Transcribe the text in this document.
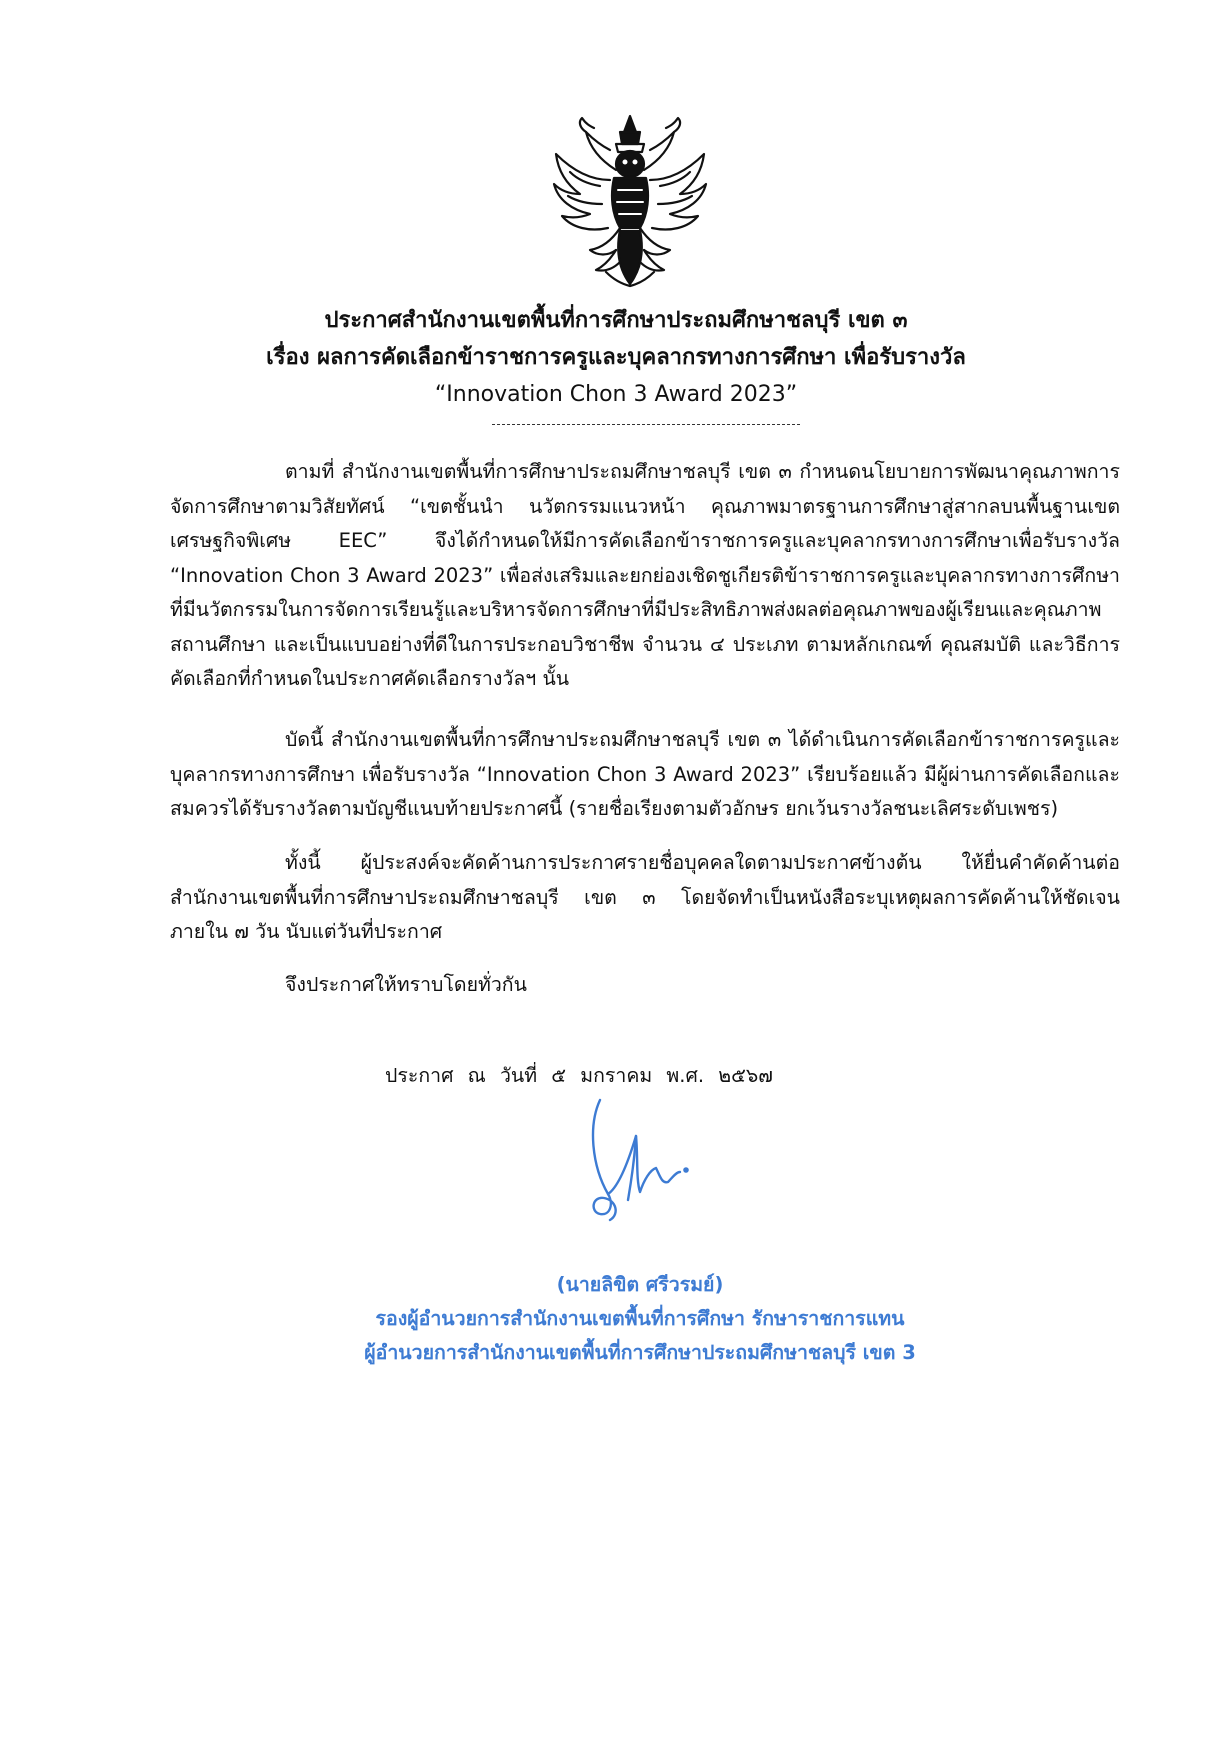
ประกาศสำนักงานเขตพื้นที่การศึกษาประถมศึกษาชลบุรี เขต ๓
เรื่อง ผลการคัดเลือกข้าราชการครูและบุคลากรทางการศึกษา เพื่อรับรางวัล
“Innovation Chon 3 Award 2023”
ตามที่ สำนักงานเขตพื้นที่การศึกษาประถมศึกษาชลบุรี เขต ๓ กำหนดนโยบายการพัฒนาคุณภาพการจัดการศึกษาตามวิสัยทัศน์ “เขตชั้นนำ นวัตกรรมแนวหน้า คุณภาพมาตรฐานการศึกษาสู่สากลบนพื้นฐานเขตเศรษฐกิจพิเศษ EEC” จึงได้กำหนดให้มีการคัดเลือกข้าราชการครูและบุคลากรทางการศึกษาเพื่อรับรางวัล “Innovation Chon 3 Award 2023” เพื่อส่งเสริมและยกย่องเชิดชูเกียรติข้าราชการครูและบุคลากรทางการศึกษา ที่มีนวัตกรรมในการจัดการเรียนรู้และบริหารจัดการศึกษาที่มีประสิทธิภาพส่งผลต่อคุณภาพของผู้เรียนและคุณภาพสถานศึกษา และเป็นแบบอย่างที่ดีในการประกอบวิชาชีพ จำนวน ๔ ประเภท ตามหลักเกณฑ์ คุณสมบัติ และวิธีการคัดเลือกที่กำหนดในประกาศคัดเลือกรางวัลฯ นั้น
บัดนี้ สำนักงานเขตพื้นที่การศึกษาประถมศึกษาชลบุรี เขต ๓ ได้ดำเนินการคัดเลือกข้าราชการครูและบุคลากรทางการศึกษา เพื่อรับรางวัล “Innovation Chon 3 Award 2023” เรียบร้อยแล้ว มีผู้ผ่านการคัดเลือกและสมควรได้รับรางวัลตามบัญชีแนบท้ายประกาศนี้ (รายชื่อเรียงตามตัวอักษร ยกเว้นรางวัลชนะเลิศระดับเพชร)
ทั้งนี้ ผู้ประสงค์จะคัดค้านการประกาศรายชื่อบุคคลใดตามประกาศข้างต้น ให้ยื่นคำคัดค้านต่อสำนักงานเขตพื้นที่การศึกษาประถมศึกษาชลบุรี เขต ๓ โดยจัดทำเป็นหนังสือระบุเหตุผลการคัดค้านให้ชัดเจน ภายใน ๗ วัน นับแต่วันที่ประกาศ
จึงประกาศให้ทราบโดยทั่วกัน
ประกาศ ณ วันที่ ๕ มกราคม พ.ศ. ๒๕๖๗
(นายลิขิต ศรีวรมย์)
รองผู้อำนวยการสำนักงานเขตพื้นที่การศึกษา รักษาราชการแทน
ผู้อำนวยการสำนักงานเขตพื้นที่การศึกษาประถมศึกษาชลบุรี เขต 3
